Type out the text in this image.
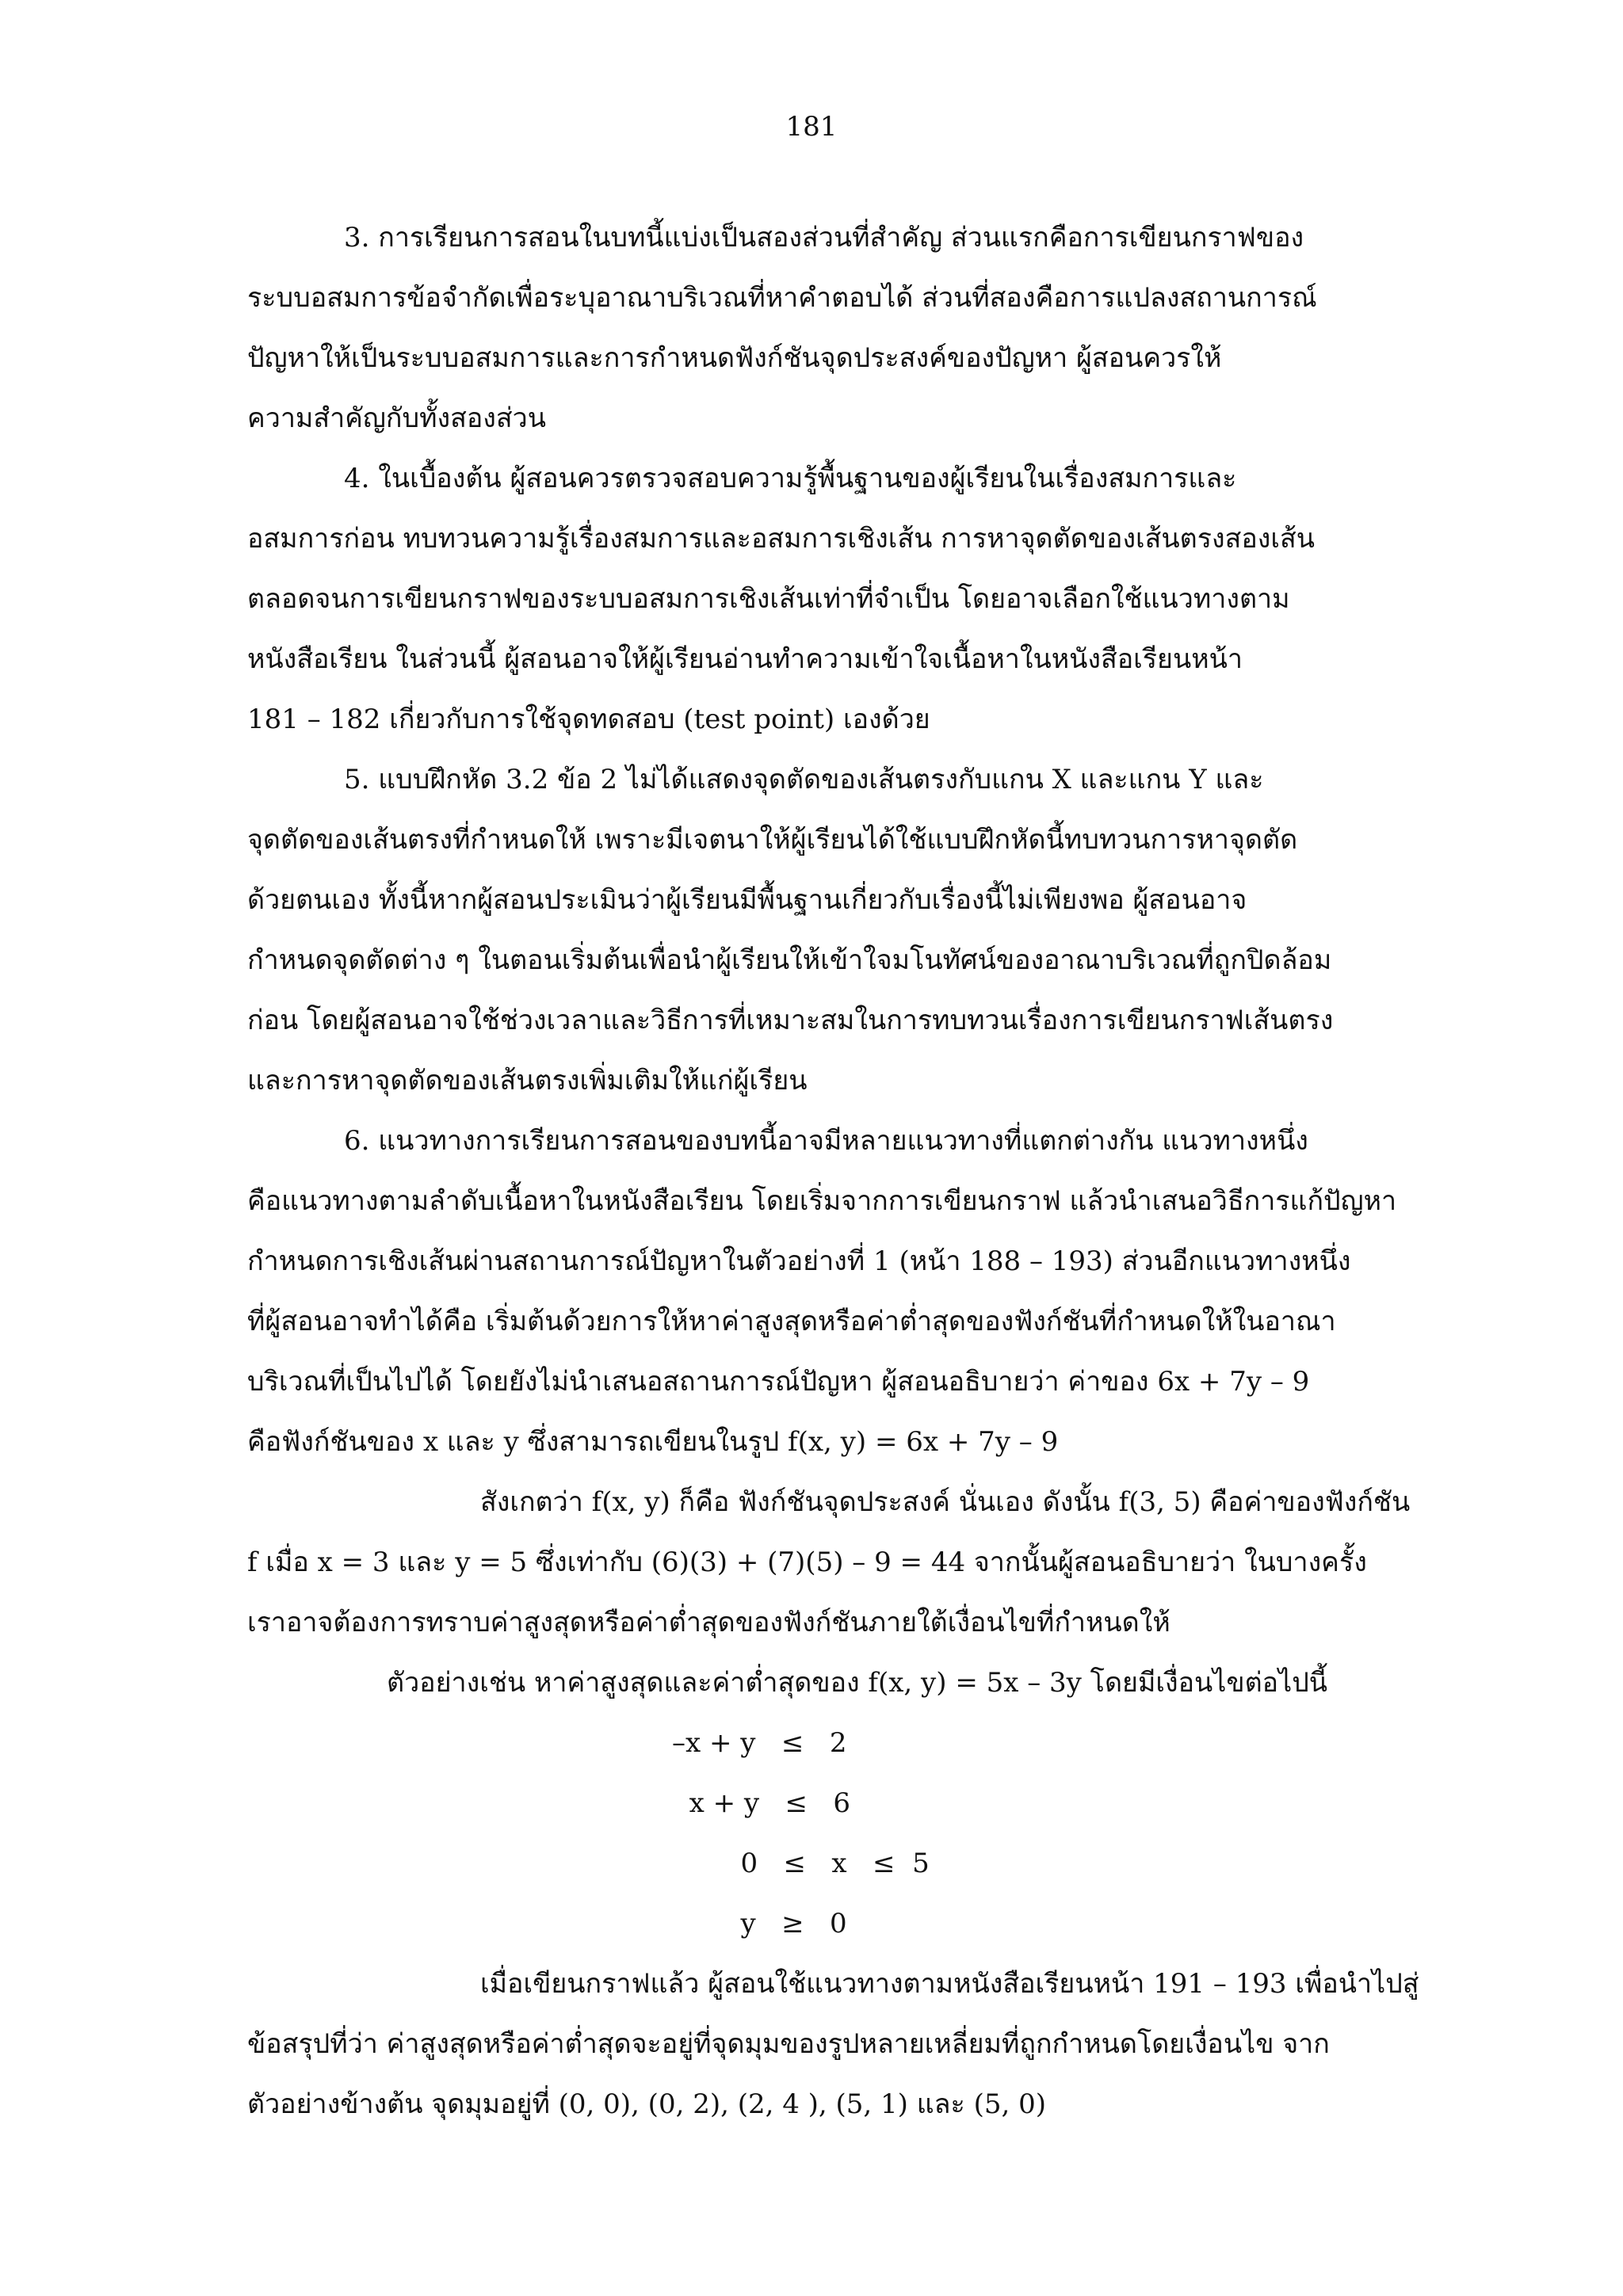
181

3. การเรียนการสอนในบทนี้แบ่งเป็นสองส่วนที่สำคัญ ส่วนแรกคือการเขียนกราฟของ
ระบบอสมการข้อจำกัดเพื่อระบุอาณาบริเวณที่หาคำตอบได้ ส่วนที่สองคือการแปลงสถานการณ์
ปัญหาให้เป็นระบบอสมการและการกำหนดฟังก์ชันจุดประสงค์ของปัญหา ผู้สอนควรให้
ความสำคัญกับทั้งสองส่วน

4. ในเบื้องต้น ผู้สอนควรตรวจสอบความรู้พื้นฐานของผู้เรียนในเรื่องสมการและ
อสมการก่อน ทบทวนความรู้เรื่องสมการและอสมการเชิงเส้น การหาจุดตัดของเส้นตรงสองเส้น
ตลอดจนการเขียนกราฟของระบบอสมการเชิงเส้นเท่าที่จำเป็น โดยอาจเลือกใช้แนวทางตาม
หนังสือเรียน ในส่วนนี้ ผู้สอนอาจให้ผู้เรียนอ่านทำความเข้าใจเนื้อหาในหนังสือเรียนหน้า
181 – 182 เกี่ยวกับการใช้จุดทดสอบ (test point) เองด้วย

5. แบบฝึกหัด 3.2 ข้อ 2 ไม่ได้แสดงจุดตัดของเส้นตรงกับแกน X และแกน Y และ
จุดตัดของเส้นตรงที่กำหนดให้ เพราะมีเจตนาให้ผู้เรียนได้ใช้แบบฝึกหัดนี้ทบทวนการหาจุดตัด
ด้วยตนเอง ทั้งนี้หากผู้สอนประเมินว่าผู้เรียนมีพื้นฐานเกี่ยวกับเรื่องนี้ไม่เพียงพอ ผู้สอนอาจ
กำหนดจุดตัดต่าง ๆ ในตอนเริ่มต้นเพื่อนำผู้เรียนให้เข้าใจมโนทัศน์ของอาณาบริเวณที่ถูกปิดล้อม
ก่อน โดยผู้สอนอาจใช้ช่วงเวลาและวิธีการที่เหมาะสมในการทบทวนเรื่องการเขียนกราฟเส้นตรง
และการหาจุดตัดของเส้นตรงเพิ่มเติมให้แก่ผู้เรียน

6. แนวทางการเรียนการสอนของบทนี้อาจมีหลายแนวทางที่แตกต่างกัน แนวทางหนึ่ง
คือแนวทางตามลำดับเนื้อหาในหนังสือเรียน โดยเริ่มจากการเขียนกราฟ แล้วนำเสนอวิธีการแก้ปัญหา
กำหนดการเชิงเส้นผ่านสถานการณ์ปัญหาในตัวอย่างที่ 1 (หน้า 188 – 193) ส่วนอีกแนวทางหนึ่ง
ที่ผู้สอนอาจทำได้คือ เริ่มต้นด้วยการให้หาค่าสูงสุดหรือค่าต่ำสุดของฟังก์ชันที่กำหนดให้ในอาณา
บริเวณที่เป็นไปได้ โดยยังไม่นำเสนอสถานการณ์ปัญหา ผู้สอนอธิบายว่า ค่าของ 6x + 7y – 9
คือฟังก์ชันของ x และ y ซึ่งสามารถเขียนในรูป f(x, y) = 6x + 7y – 9

สังเกตว่า f(x, y) ก็คือ ฟังก์ชันจุดประสงค์ นั่นเอง ดังนั้น f(3, 5) คือค่าของฟังก์ชัน
f เมื่อ x = 3 และ y = 5 ซึ่งเท่ากับ (6)(3) + (7)(5) – 9 = 44 จากนั้นผู้สอนอธิบายว่า ในบางครั้ง
เราอาจต้องการทราบค่าสูงสุดหรือค่าต่ำสุดของฟังก์ชันภายใต้เงื่อนไขที่กำหนดให้

ตัวอย่างเช่น หาค่าสูงสุดและค่าต่ำสุดของ f(x, y) = 5x – 3y โดยมีเงื่อนไขต่อไปนี้

–x + y   ≤   2
x + y   ≤   6
0   ≤   x   ≤  5
y   ≥   0

เมื่อเขียนกราฟแล้ว ผู้สอนใช้แนวทางตามหนังสือเรียนหน้า 191 – 193 เพื่อนำไปสู่
ข้อสรุปที่ว่า ค่าสูงสุดหรือค่าต่ำสุดจะอยู่ที่จุดมุมของรูปหลายเหลี่ยมที่ถูกกำหนดโดยเงื่อนไข จาก
ตัวอย่างข้างต้น จุดมุมอยู่ที่ (0, 0), (0, 2), (2, 4 ), (5, 1) และ (5, 0)
